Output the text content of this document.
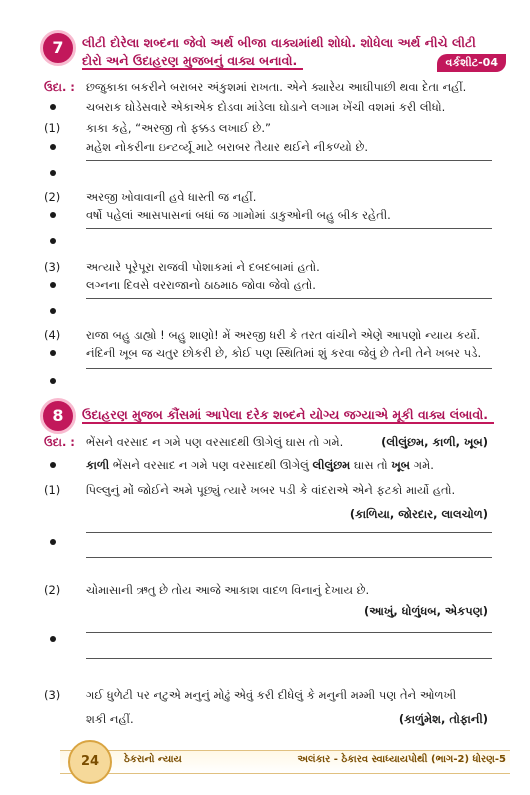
7	લીટી દોરેલા શબ્દના જેવો અર્થ બીજા વાક્યમાંથી શોધો. શોધેલા અર્થ નીચે લીટી
દોરો અને ઉદાહરણ મુજબનું વાક્ય બનાવો.	વર્કશીટ-04
ઉદા. : છજુકાકા બકરીને બરાબર અંકુશમાં રાખતા. એને ક્યારેય આઘીપાછી થવા દેતા નહીં.
ચબરાક ઘોડેસવારે એકાએક દોડવા માંડેલા ઘોડાને લગામ ખેંચી વશમાં કરી લીધો.
(1)	કાકા કહે, “અરજી તો ફક્કડ લખાઈ છે.”
મહેશ નોકરીના ઇન્ટર્વ્યૂ માટે બરાબર તૈયાર થઈને નીકળ્યો છે.
(2)	અરજી ખોવાવાની હવે ધાસ્તી જ નહીં.
વર્ષો પહેલાં આસપાસનાં બધાં જ ગામોમાં ડાકુઓની બહુ બીક રહેતી.
(3)	અત્યારે પૂરેપૂરા રાજવી પોશાકમાં ને દબદબામાં હતો.
લગ્નના દિવસે વરરાજાનો ઠાઠમાઠ જોવા જેવો હતો.
(4)	રાજા બહુ ડાહ્યો ! બહુ શાણો! મેં અરજી ધરી કે તરત વાંચીને એણે આપણો ન્યાય કર્યો.
નંદિની ખૂબ જ ચતુર છોકરી છે, કોઈ પણ સ્થિતિમાં શું કરવા જેવું છે તેની તેને ખબર પડે.
8	ઉદાહરણ મુજબ કૌંસમાં આપેલા દરેક શબ્દને યોગ્ય જગ્યાએ મૂકી વાક્ય લંબાવો.
ઉદા. : ભેંસને વરસાદ ન ગમે પણ વરસાદથી ઊગેલું ઘાસ તો ગમે.	(લીલુંછમ, કાળી, ખૂબ)
કાળી ભેંસને વરસાદ ન ગમે પણ વરસાદથી ઊગેલું લીલુંછમ ઘાસ તો ખૂબ ગમે.
(1)	પિલ્લુનું મોં જોઈને અમે પૂછ્યું ત્યારે ખબર પડી કે વાંદરાએ એને ફટકો માર્યો હતો.
(કાળિયા, જોરદાર, લાલચોળ)
(2)	ચોમાસાની ઋતુ છે તોય આજે આકાશ વાદળ વિનાનું દેખાય છે.
(આખું, ધોળુંધબ, એકપણ)
(3)	ગઈ ધુળેટી પર નટુએ મનુનું મોઢું એવું કરી દીધેલું કે મનુની મમ્મી પણ તેને ઓળખી
શકી નહીં.	(કાળુંમેશ, તોફાની)
24	ઠેકરાનો ન્યાય	અલંકાર - ઠેકારવ સ્વાધ્યાયપોથી (ભાગ-2) ધોરણ-5
